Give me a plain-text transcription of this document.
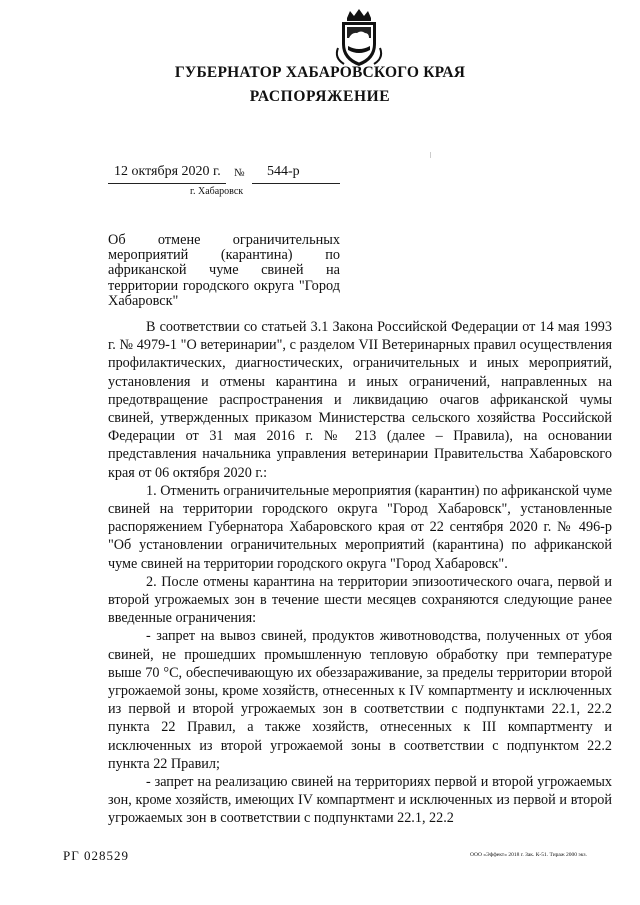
ГУБЕРНАТОР ХАБАРОВСКОГО КРАЯ
РАСПОРЯЖЕНИЕ
12 октября 2020 г. № 544-р
г. Хабаровск
Об отмене ограничительных мероприятий (карантина) по африканской чуме свиней на территории городского округа "Город Хабаровск"

В соответствии со статьей 3.1 Закона Российской Федерации от 14 мая 1993 г. № 4979-1 "О ветеринарии", с разделом VII Ветеринарных правил осуществления профилактических, диагностических, ограничительных и иных мероприятий, установления и отмены карантина и иных ограничений, направленных на предотвращение распространения и ликвидацию очагов африканской чумы свиней, утвержденных приказом Министерства сельского хозяйства Российской Федерации от 31 мая 2016 г. № 213 (далее – Правила), на основании представления начальника управления ветеринарии Правительства Хабаровского края от 06 октября 2020 г.:

1. Отменить ограничительные мероприятия (карантин) по африканской чуме свиней на территории городского округа "Город Хабаровск", установленные распоряжением Губернатора Хабаровского края от 22 сентября 2020 г. № 496-р "Об установлении ограничительных мероприятий (карантина) по африканской чуме свиней на территории городского округа "Город Хабаровск".

2. После отмены карантина на территории эпизоотического очага, первой и второй угрожаемых зон в течение шести месяцев сохраняются следующие ранее введенные ограничения:

- запрет на вывоз свиней, продуктов животноводства, полученных от убоя свиней, не прошедших промышленную тепловую обработку при температуре выше 70 °С, обеспечивающую их обеззараживание, за пределы территории второй угрожаемой зоны, кроме хозяйств, отнесенных к IV компартменту и исключенных из первой и второй угрожаемых зон в соответствии с подпунктами 22.1, 22.2 пункта 22 Правил, а также хозяйств, отнесенных к III компартменту и исключенных из второй угрожаемой зоны в соответствии с подпунктом 22.2 пункта 22 Правил;

- запрет на реализацию свиней на территориях первой и второй угрожаемых зон, кроме хозяйств, имеющих IV компартмент и исключенных из первой и второй угрожаемых зон в соответствии с подпунктами 22.1, 22.2

РГ 028529	ООО «Эффект» 2018 г. Зак. К-51. Тираж 2000 экз.
